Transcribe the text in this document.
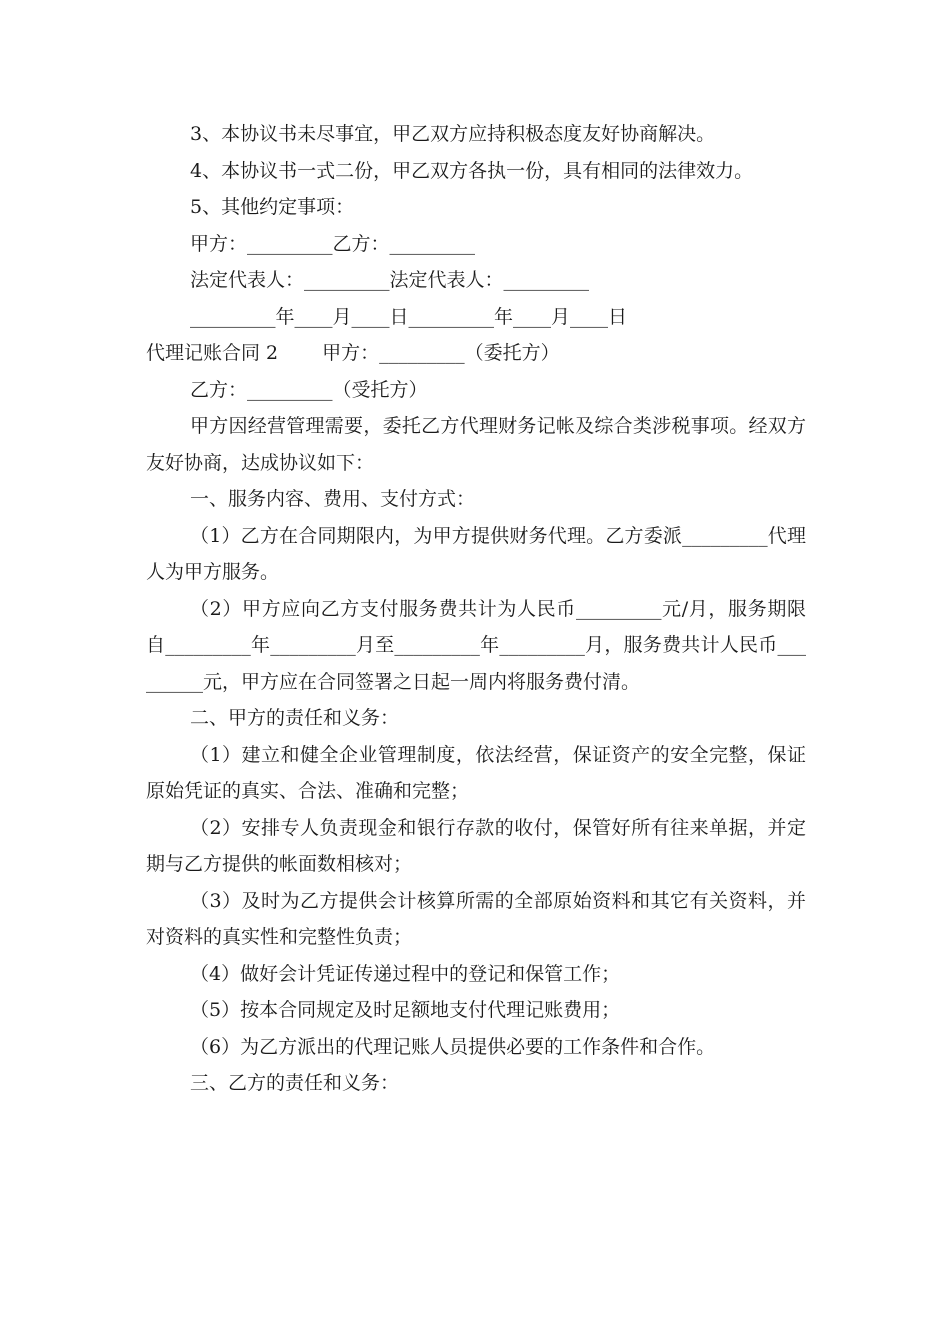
3、本协议书未尽事宜，甲乙双方应持积极态度友好协商解决。

4、本协议书一式二份，甲乙双方各执一份，具有相同的法律效力。

5、其他约定事项：

甲方：_________乙方：_________

法定代表人：_________法定代表人：_________

_________年____月____日_________年____月____日

代理记账合同 2 甲方：_________（委托方）

乙方：_________（受托方）

甲方因经营管理需要，委托乙方代理财务记帐及综合类涉税事项。经双方友好协商，达成协议如下：

一、服务内容、费用、支付方式：

（1）乙方在合同期限内，为甲方提供财务代理。乙方委派_________代理人为甲方服务。

（2）甲方应向乙方支付服务费共计为人民币_________元/月，服务期限自_________年_________月至_________年_________月，服务费共计人民币_________元，甲方应在合同签署之日起一周内将服务费付清。

二、甲方的责任和义务：

（1）建立和健全企业管理制度，依法经营，保证资产的安全完整，保证原始凭证的真实、合法、准确和完整；

（2）安排专人负责现金和银行存款的收付，保管好所有往来单据，并定期与乙方提供的帐面数相核对；

（3）及时为乙方提供会计核算所需的全部原始资料和其它有关资料，并对资料的真实性和完整性负责；

（4）做好会计凭证传递过程中的登记和保管工作；

（5）按本合同规定及时足额地支付代理记账费用；

（6）为乙方派出的代理记账人员提供必要的工作条件和合作。

三、乙方的责任和义务：
